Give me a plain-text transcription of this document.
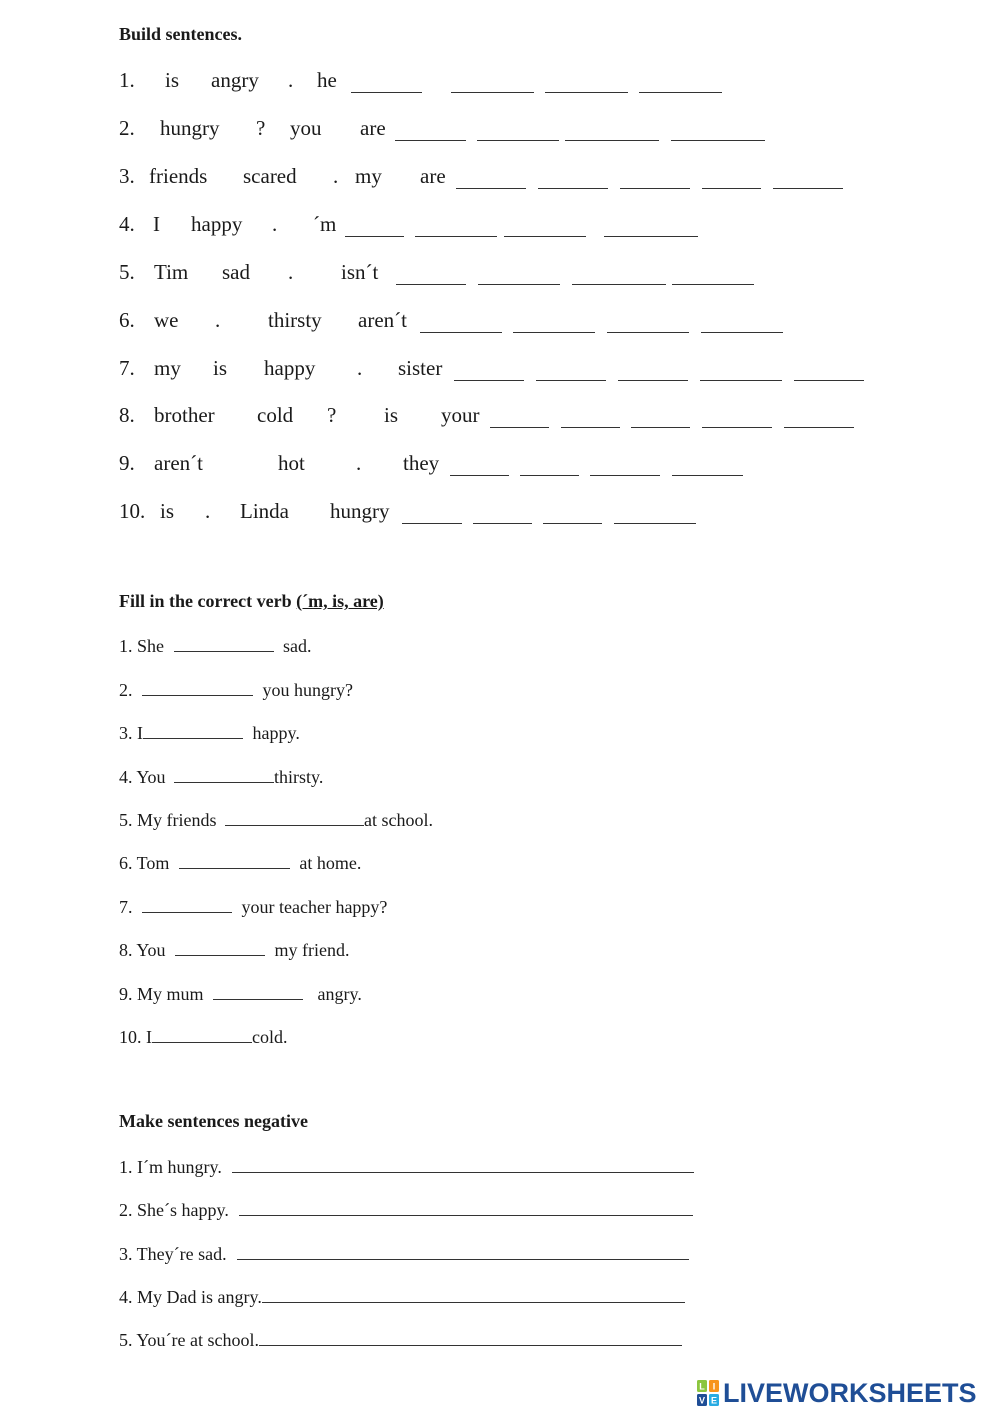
Build sentences.
1. is angry . he
2. hungry ? you are
3. friends scared . my are
4. I happy . ´m
5. Tim sad . isn´t
6. we . thirsty aren´t
7. my is happy . sister
8. brother cold ? is your
9. aren´t	hot . they
10. is . Linda hungry
Fill in the correct verb (´m, is, are)
1. She	sad.
2.	you hungry?
3. I	happy.
4. You	thirsty.
5. My friends	at school.
6. Tom	at home.
7.	your teacher happy?
8. You	my friend.
9. My mum	angry.
10. I	cold.
Make sentences negative
1. I´m hungry.
2. She´s happy.
3. They´re sad.
4. My Dad is angry.
5. You´re at school.
L I
V E LIVEWORKSHEETS
